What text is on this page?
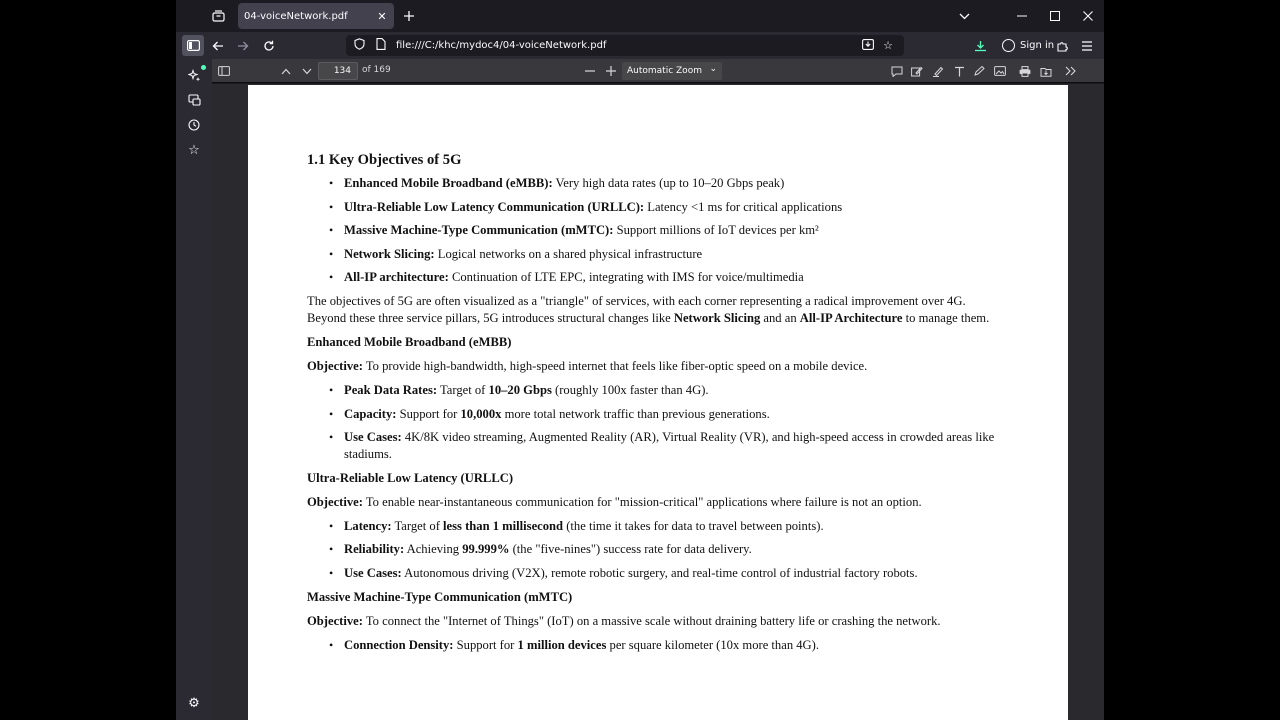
04-voiceNetwork.pdf	✕
file:///C:/khc/mydoc4/04-voiceNetwork.pdf	☆	Sign in
☆
⚙
134	of 169	Automatic Zoom ⌄
1.1 Key Objectives of 5G
• Enhanced Mobile Broadband (eMBB): Very high data rates (up to 10–20 Gbps peak)
• Ultra-Reliable Low Latency Communication (URLLC): Latency <1 ms for critical applications
• Massive Machine-Type Communication (mMTC): Support millions of IoT devices per km²
• Network Slicing: Logical networks on a shared physical infrastructure
• All-IP architecture: Continuation of LTE EPC, integrating with IMS for voice/multimedia

The objectives of 5G are often visualized as a "triangle" of services, with each corner representing a radical improvement over 4G. Beyond these three service pillars, 5G introduces structural changes like Network Slicing and an All-IP Architecture to manage them.

Enhanced Mobile Broadband (eMBB)

Objective: To provide high-bandwidth, high-speed internet that feels like fiber-optic speed on a mobile device.

• Peak Data Rates: Target of 10–20 Gbps (roughly 100x faster than 4G).
• Capacity: Support for 10,000x more total network traffic than previous generations.
• Use Cases: 4K/8K video streaming, Augmented Reality (AR), Virtual Reality (VR), and high-speed access in crowded areas like stadiums.
Ultra-Reliable Low Latency (URLLC)

Objective: To enable near-instantaneous communication for "mission-critical" applications where failure is not an option.

• Latency: Target of less than 1 millisecond (the time it takes for data to travel between points).
• Reliability: Achieving 99.999% (the "five-nines") success rate for data delivery.
• Use Cases: Autonomous driving (V2X), remote robotic surgery, and real-time control of industrial factory robots.
Massive Machine-Type Communication (mMTC)

Objective: To connect the "Internet of Things" (IoT) on a massive scale without draining battery life or crashing the network.

• Connection Density: Support for 1 million devices per square kilometer (10x more than 4G).
